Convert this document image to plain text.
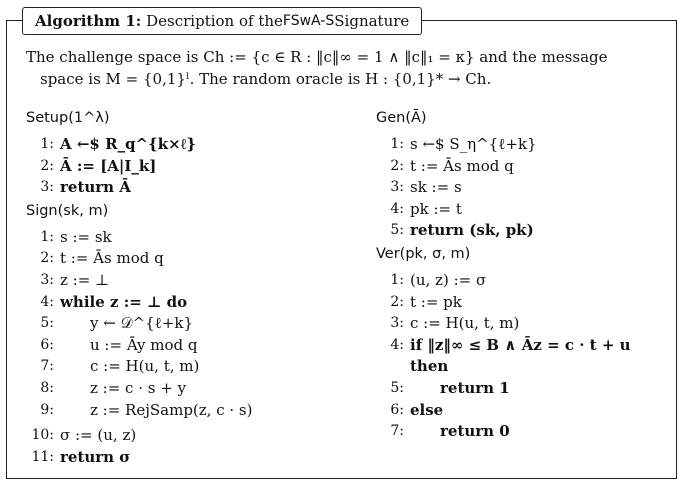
Algorithm 1:
Description of the FSwA-S Signature
The challenge space is Ch := {c ∈ R : ‖c‖∞ = 1 ∧ ‖c‖₁ = κ} and the message
space is M = {0,1}ˡ. The random oracle is H : {0,1}* → Ch.
Setup(1^λ)
1: A ←$ R_q^{k×ℓ}
2: Ā := [A|I_k]
3: return Ā
Sign(sk, m)
1: s := sk
2: t := Ās mod q
3: z := ⊥
4: while z := ⊥ do
5: y ← 𝒟^{ℓ+k}
6: u := Āy mod q
7: c := H(u, t, m)
8: z := c · s + y
9: z := RejSamp(z, c · s)
10: σ := (u, z)
11: return σ
Gen(Ā)
1: s ←$ S_η^{ℓ+k}
2: t := Ās mod q
3: sk := s
4: pk := t
5: return (sk, pk)
Ver(pk, σ, m)
1: (u, z) := σ
2: t := pk
3: c := H(u, t, m)
4: if ‖z‖∞ ≤ B ∧ Āz = c · t + u
then
5: return 1
6: else
7: return 0
